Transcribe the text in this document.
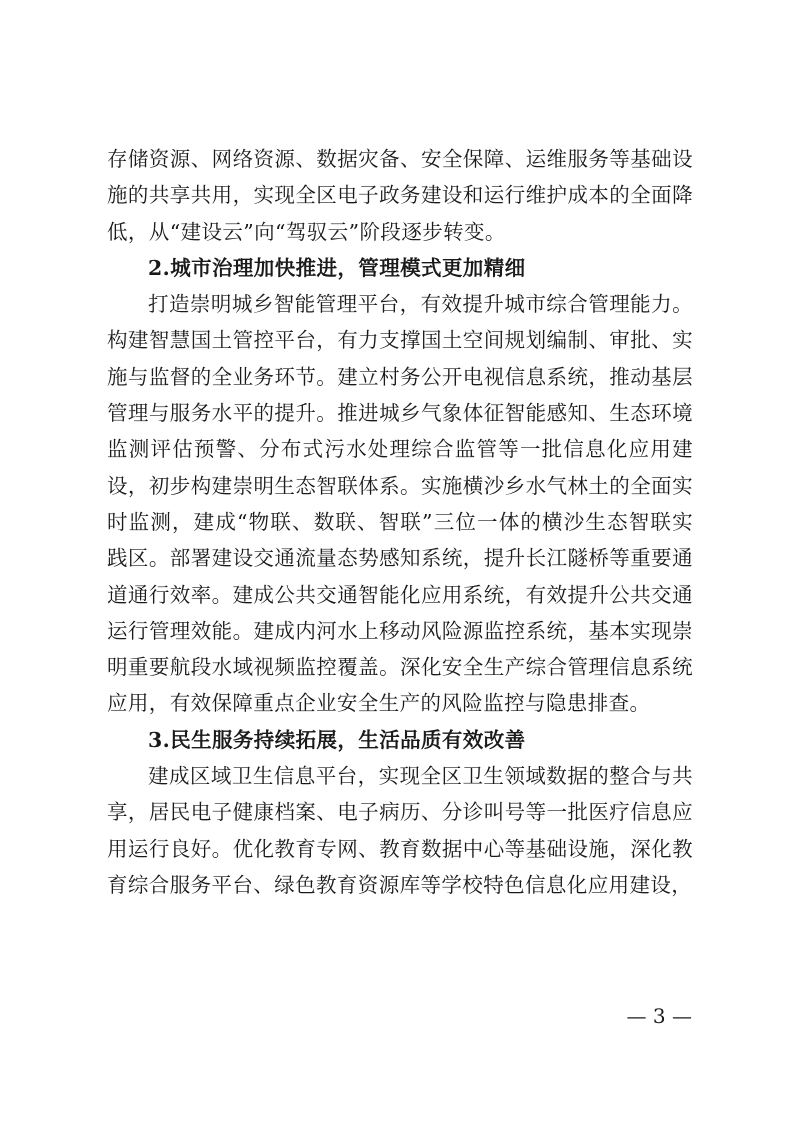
存储资源、网络资源、数据灾备、安全保障、运维服务等基础设施的共享共用，实现全区电子政务建设和运行维护成本的全面降低，从“建设云”向“驾驭云”阶段逐步转变。

2.城市治理加快推进，管理模式更加精细

打造崇明城乡智能管理平台，有效提升城市综合管理能力。构建智慧国土管控平台，有力支撑国土空间规划编制、审批、实施与监督的全业务环节。建立村务公开电视信息系统，推动基层管理与服务水平的提升。推进城乡气象体征智能感知、生态环境监测评估预警、分布式污水处理综合监管等一批信息化应用建设，初步构建崇明生态智联体系。实施横沙乡水气林土的全面实时监测，建成“物联、数联、智联”三位一体的横沙生态智联实践区。部署建设交通流量态势感知系统，提升长江隧桥等重要通道通行效率。建成公共交通智能化应用系统，有效提升公共交通运行管理效能。建成内河水上移动风险源监控系统，基本实现崇明重要航段水域视频监控覆盖。深化安全生产综合管理信息系统应用，有效保障重点企业安全生产的风险监控与隐患排查。

3.民生服务持续拓展，生活品质有效改善

建成区域卫生信息平台，实现全区卫生领域数据的整合与共享，居民电子健康档案、电子病历、分诊叫号等一批医疗信息应用运行良好。优化教育专网、教育数据中心等基础设施，深化教育综合服务平台、绿色教育资源库等学校特色信息化应用建设，

— 3 —
